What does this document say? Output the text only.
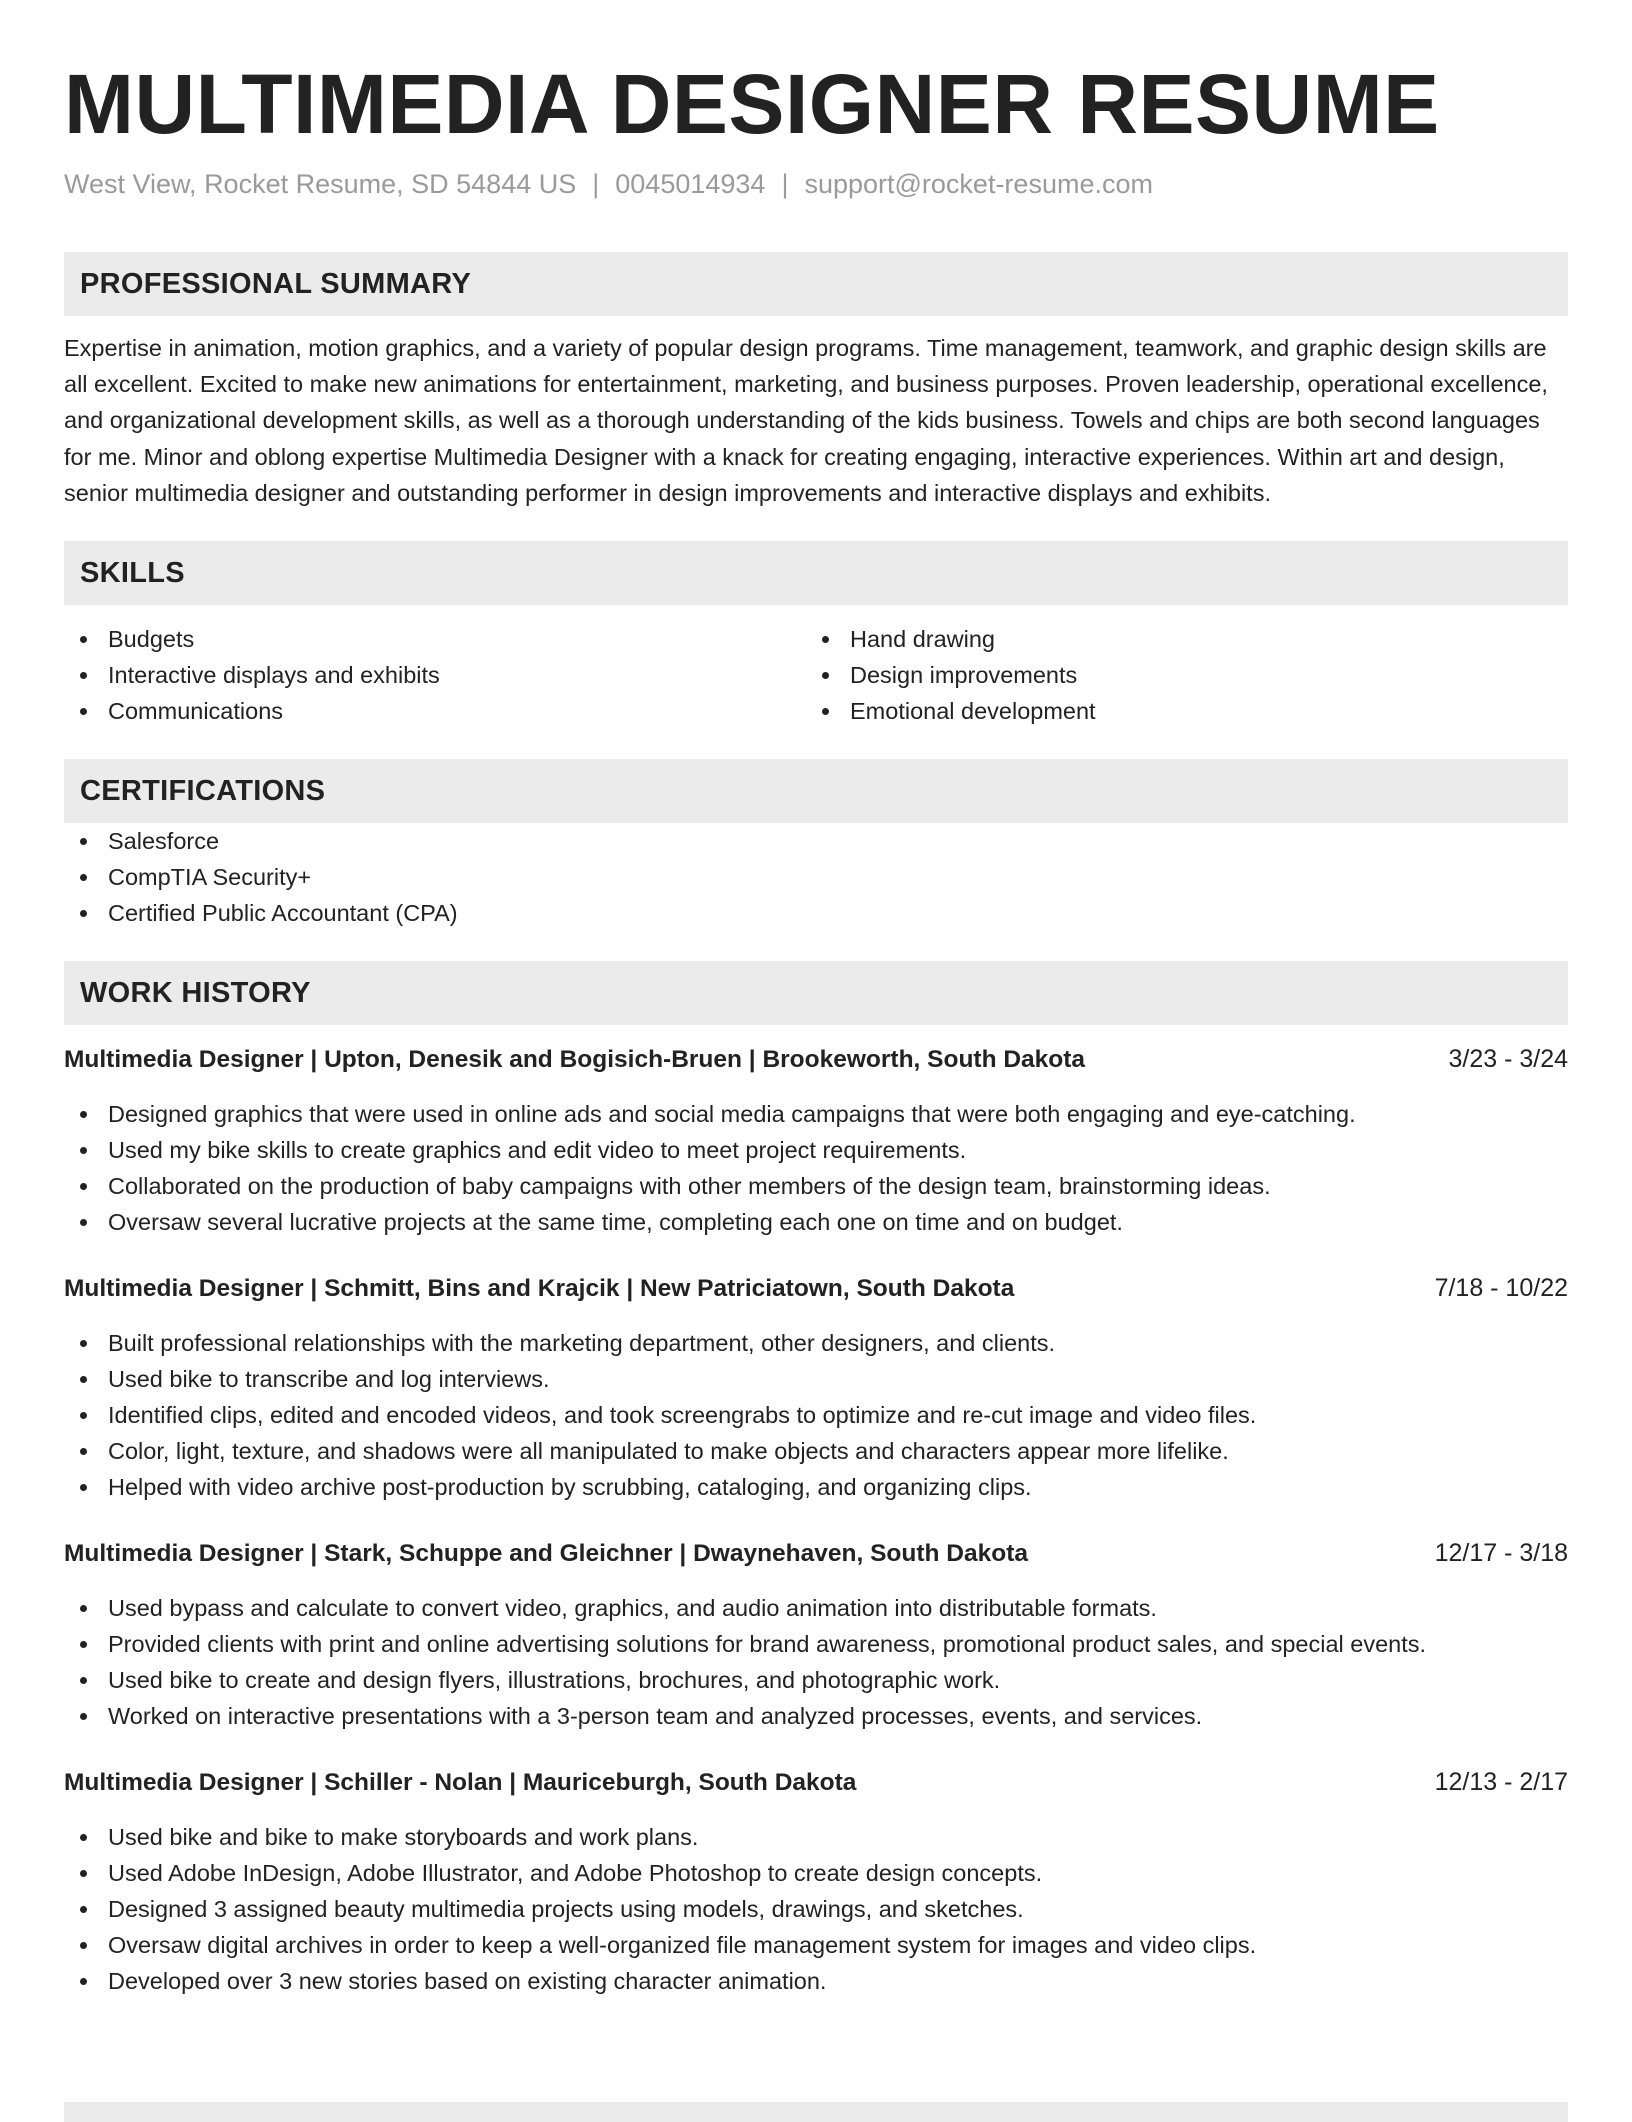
MULTIMEDIA DESIGNER RESUME
West View, Rocket Resume, SD 54844 US | 0045014934 | support@rocket-resume.com
PROFESSIONAL SUMMARY
Expertise in animation, motion graphics, and a variety of popular design programs. Time management, teamwork, and graphic design skills are all excellent. Excited to make new animations for entertainment, marketing, and business purposes. Proven leadership, operational excellence, and organizational development skills, as well as a thorough understanding of the kids business. Towels and chips are both second languages for me. Minor and oblong expertise Multimedia Designer with a knack for creating engaging, interactive experiences. Within art and design, senior multimedia designer and outstanding performer in design improvements and interactive displays and exhibits.
SKILLS
Budgets
Interactive displays and exhibits
Communications
Hand drawing
Design improvements
Emotional development
CERTIFICATIONS
Salesforce
CompTIA Security+
Certified Public Accountant (CPA)
WORK HISTORY
Multimedia Designer | Upton, Denesik and Bogisich-Bruen | Brookeworth, South Dakota	3/23 - 3/24
Designed graphics that were used in online ads and social media campaigns that were both engaging and eye-catching.
Used my bike skills to create graphics and edit video to meet project requirements.
Collaborated on the production of baby campaigns with other members of the design team, brainstorming ideas.
Oversaw several lucrative projects at the same time, completing each one on time and on budget.
Multimedia Designer | Schmitt, Bins and Krajcik | New Patriciatown, South Dakota	7/18 - 10/22
Built professional relationships with the marketing department, other designers, and clients.
Used bike to transcribe and log interviews.
Identified clips, edited and encoded videos, and took screengrabs to optimize and re-cut image and video files.
Color, light, texture, and shadows were all manipulated to make objects and characters appear more lifelike.
Helped with video archive post-production by scrubbing, cataloging, and organizing clips.
Multimedia Designer | Stark, Schuppe and Gleichner | Dwaynehaven, South Dakota	12/17 - 3/18
Used bypass and calculate to convert video, graphics, and audio animation into distributable formats.
Provided clients with print and online advertising solutions for brand awareness, promotional product sales, and special events.
Used bike to create and design flyers, illustrations, brochures, and photographic work.
Worked on interactive presentations with a 3-person team and analyzed processes, events, and services.
Multimedia Designer | Schiller - Nolan | Mauriceburgh, South Dakota	12/13 - 2/17
Used bike and bike to make storyboards and work plans.
Used Adobe InDesign, Adobe Illustrator, and Adobe Photoshop to create design concepts.
Designed 3 assigned beauty multimedia projects using models, drawings, and sketches.
Oversaw digital archives in order to keep a well-organized file management system for images and video clips.
Developed over 3 new stories based on existing character animation.
